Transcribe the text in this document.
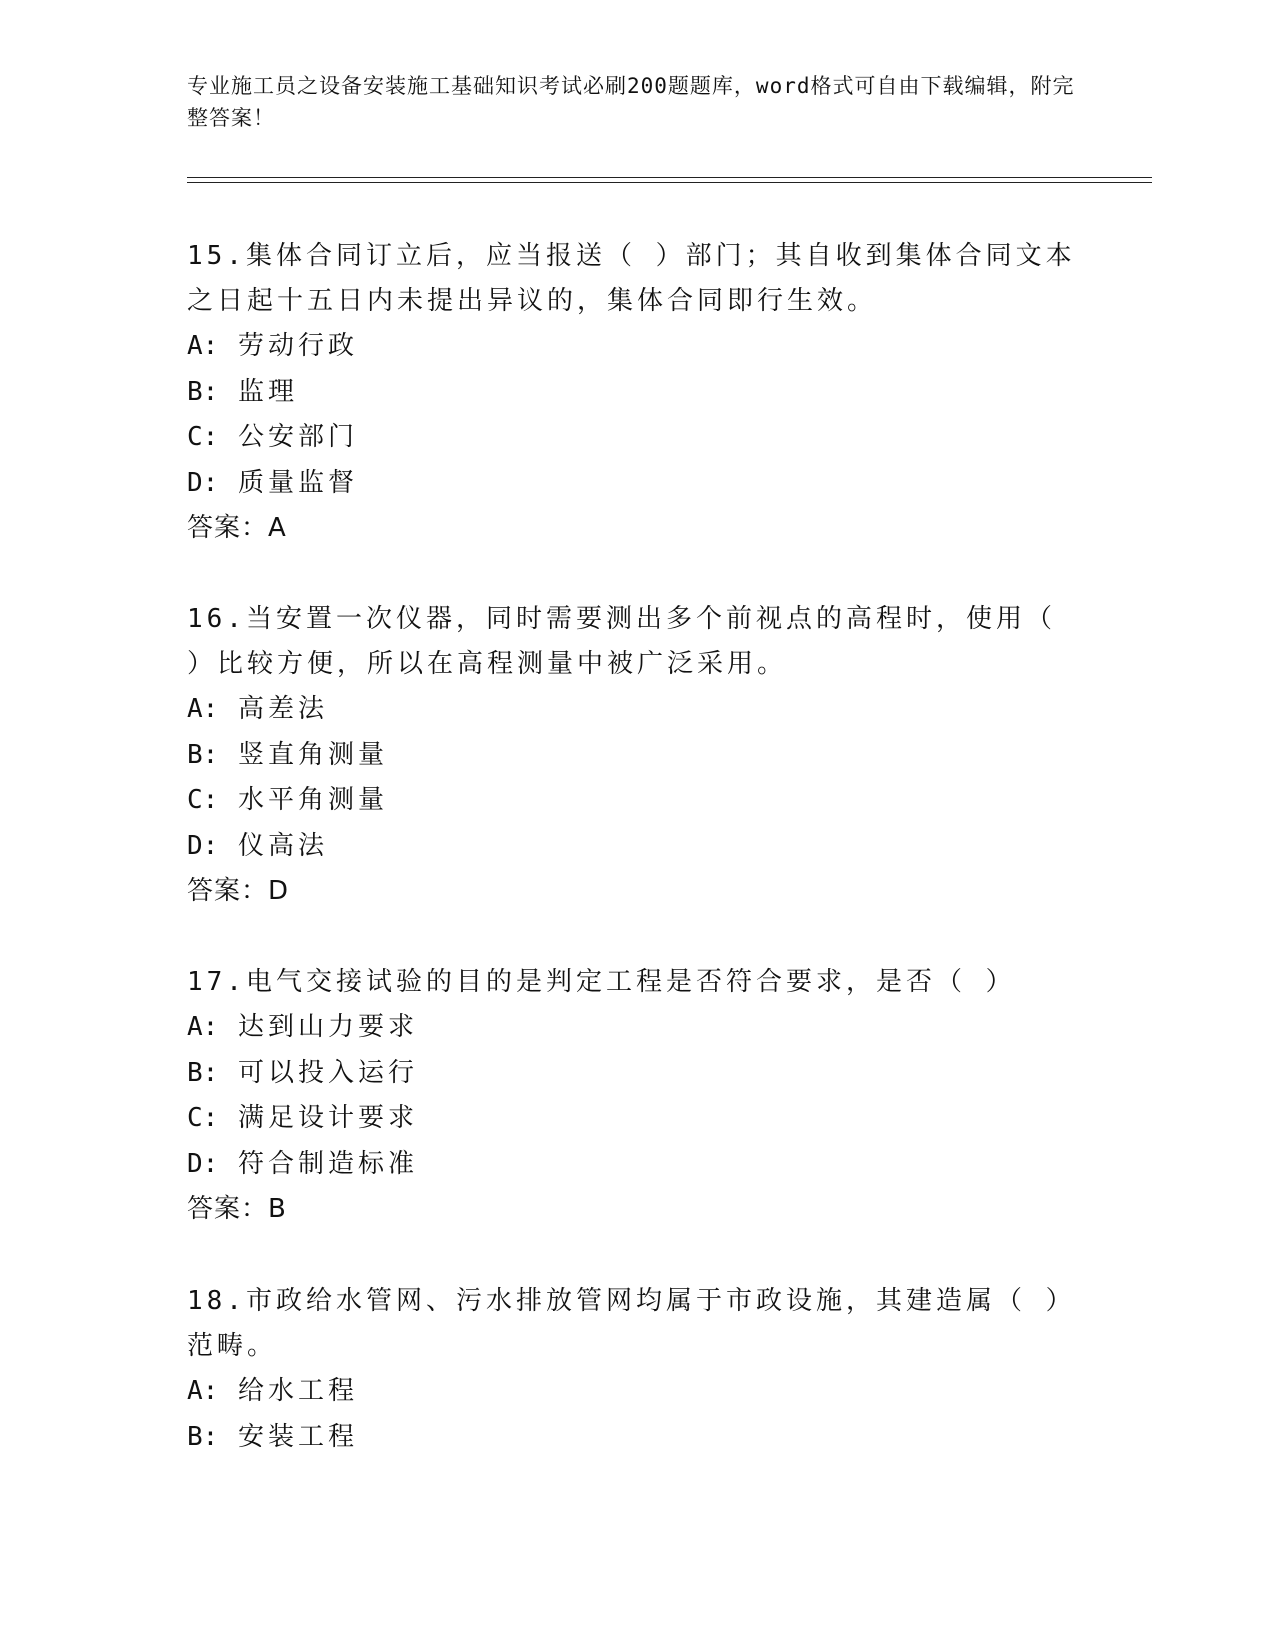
专业施工员之设备安装施工基础知识考试必刷200题题库，word格式可自由下载编辑，附完整答案！

15.集体合同订立后，应当报送（ ）部门；其自收到集体合同文本之日起十五日内未提出异议的，集体合同即行生效。

A: 劳动行政

B: 监理

C: 公安部门

D: 质量监督

答案：A

16.当安置一次仪器，同时需要测出多个前视点的高程时，使用（ ）比较方便，所以在高程测量中被广泛采用。

A: 高差法

B: 竖直角测量

C: 水平角测量

D: 仪高法

答案：D

17.电气交接试验的目的是判定工程是否符合要求，是否（ ）

A: 达到山力要求

B: 可以投入运行

C: 满足设计要求

D: 符合制造标准

答案：B

18.市政给水管网、污水排放管网均属于市政设施，其建造属（ ）范畴。

A: 给水工程

B: 安装工程
